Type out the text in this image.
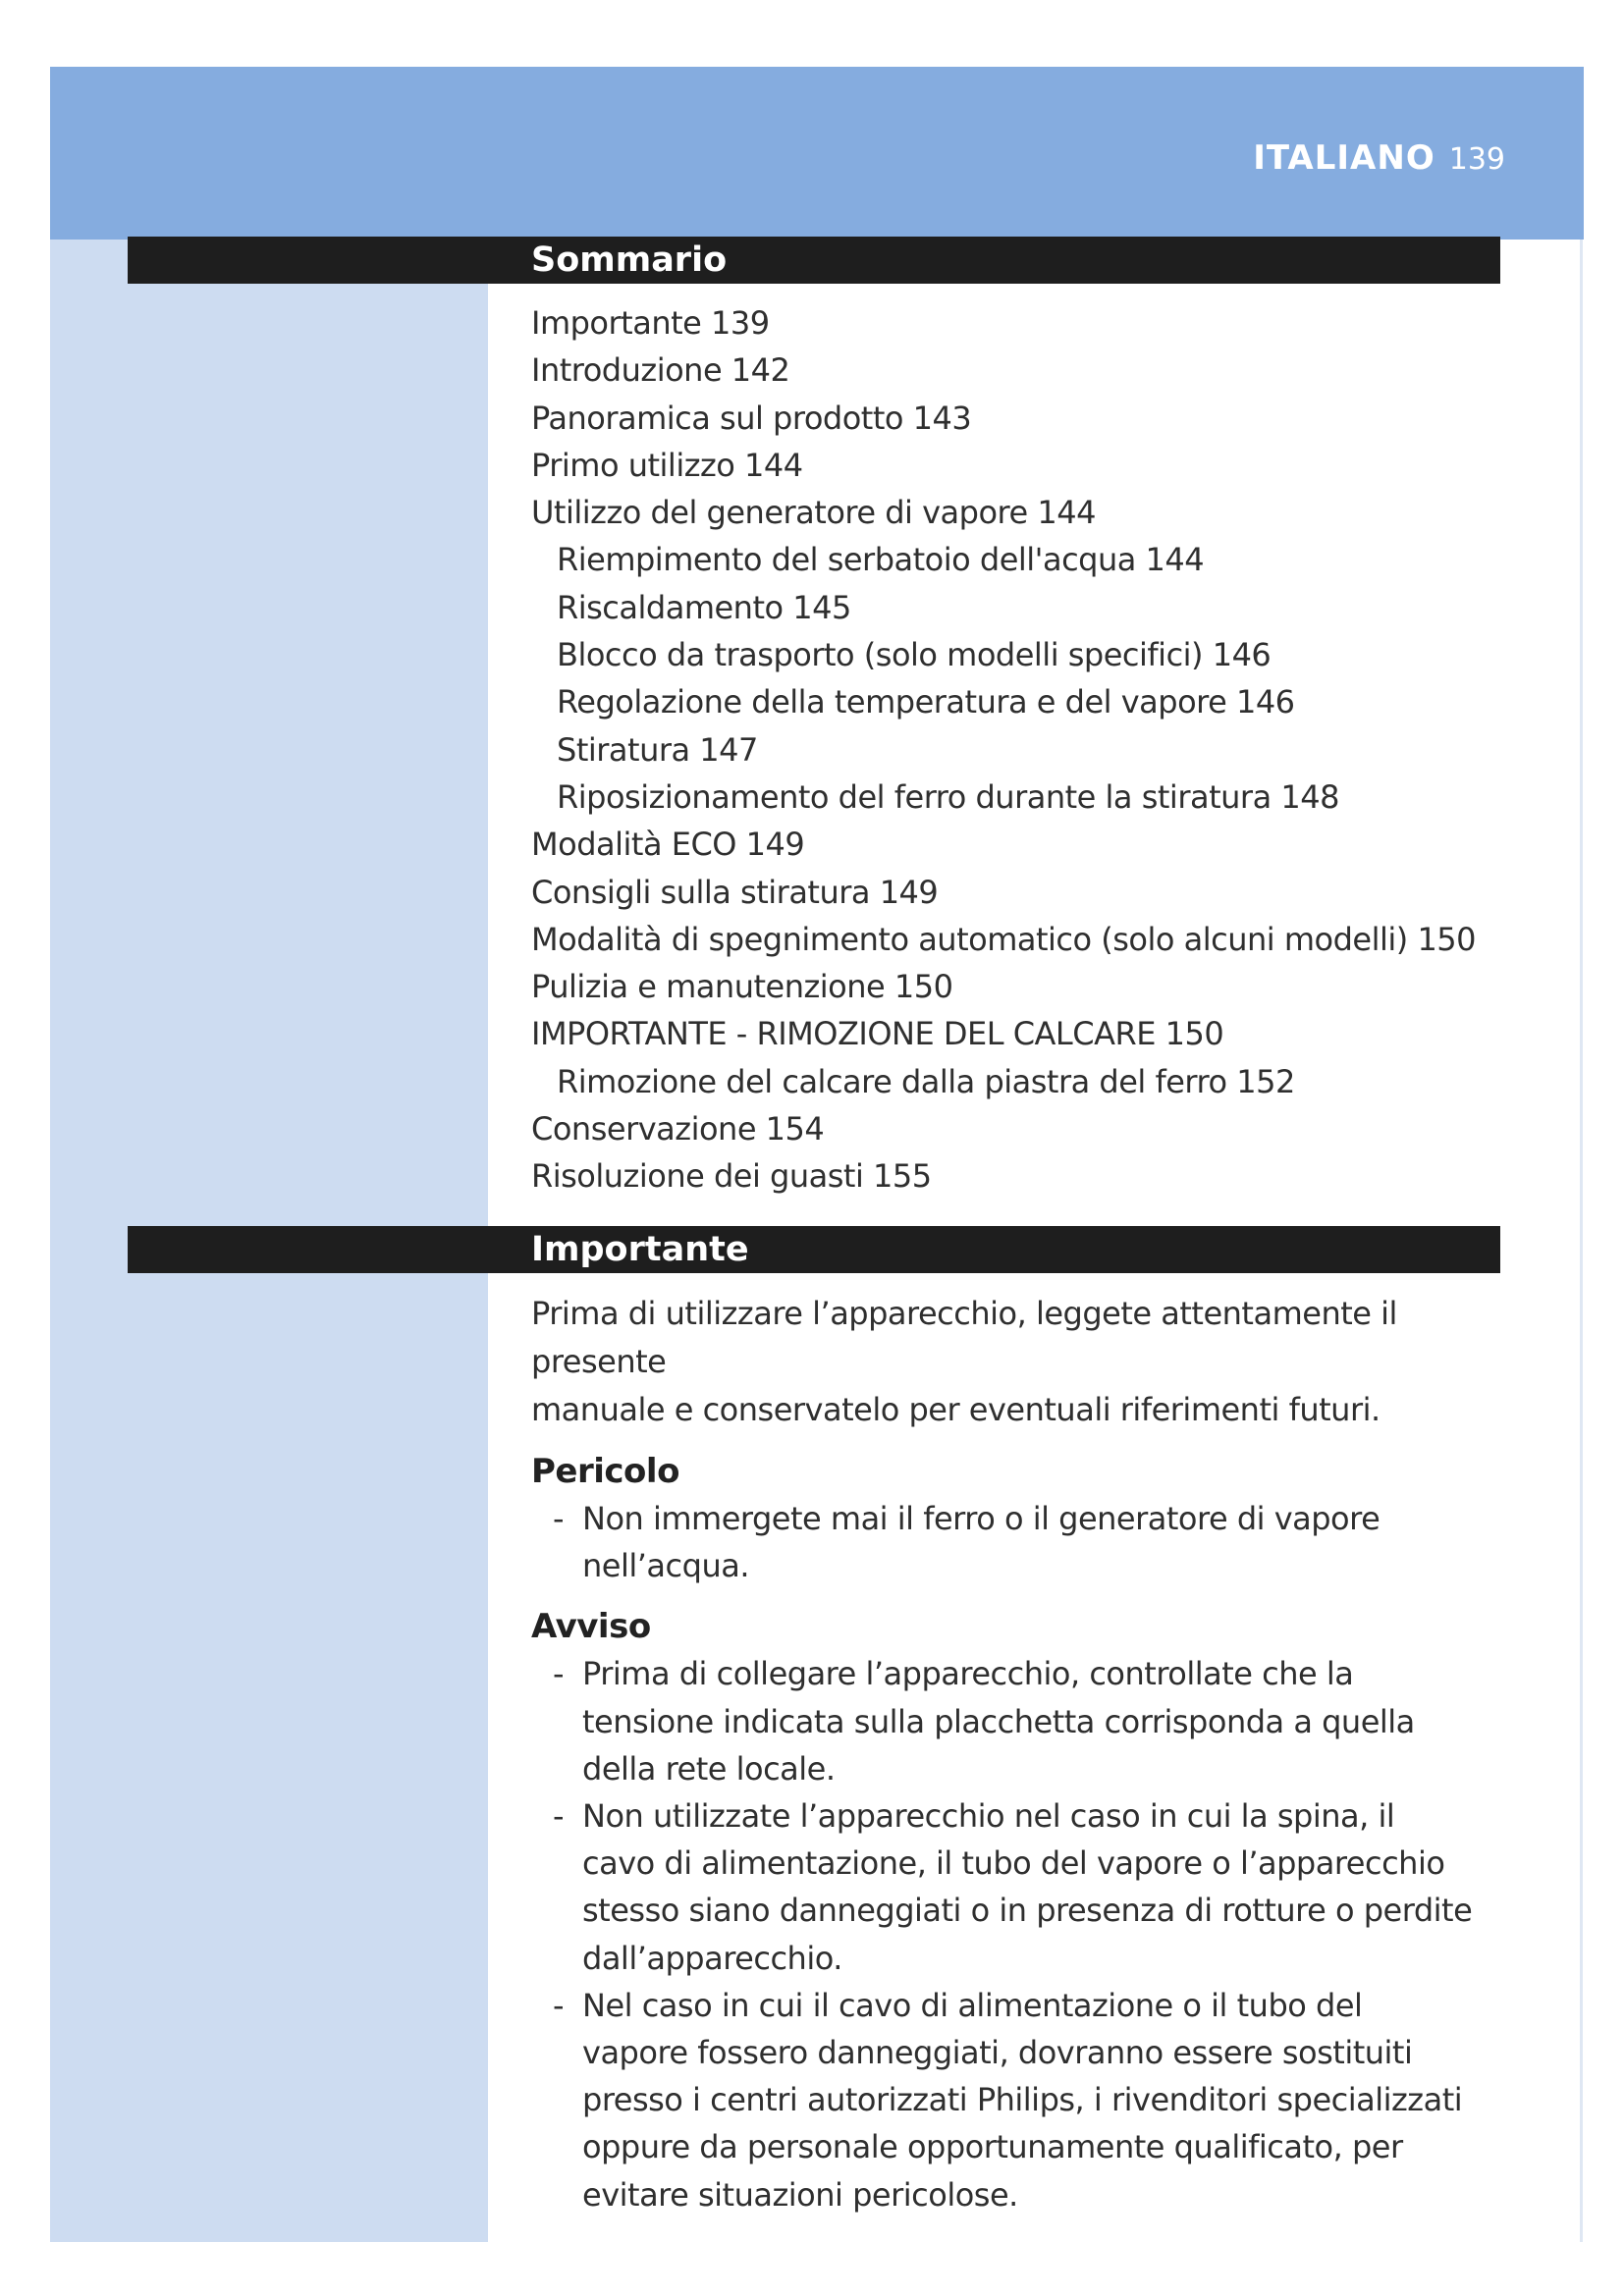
ITALIANO 139
Sommario
Importante 139
Introduzione 142
Panoramica sul prodotto 143
Primo utilizzo 144
Utilizzo del generatore di vapore 144
Riempimento del serbatoio dell'acqua 144
Riscaldamento 145
Blocco da trasporto (solo modelli specifici) 146
Regolazione della temperatura e del vapore 146
Stiratura 147
Riposizionamento del ferro durante la stiratura 148
Modalità ECO 149
Consigli sulla stiratura 149
Modalità di spegnimento automatico (solo alcuni modelli) 150
Pulizia e manutenzione 150
IMPORTANTE - RIMOZIONE DEL CALCARE 150
Rimozione del calcare dalla piastra del ferro 152
Conservazione 154
Risoluzione dei guasti 155
Importante

Prima di utilizzare l’apparecchio, leggete attentamente il presente
manuale e conservatelo per eventuali riferimenti futuri.

Pericolo
- Non immergete mai il ferro o il generatore di vapore
nell’acqua.
Avviso
- Prima di collegare l’apparecchio, controllate che la
tensione indicata sulla placchetta corrisponda a quella
della rete locale.
- Non utilizzate l’apparecchio nel caso in cui la spina, il
cavo di alimentazione, il tubo del vapore o l’apparecchio
stesso siano danneggiati o in presenza di rotture o perdite
dall’apparecchio.
- Nel caso in cui il cavo di alimentazione o il tubo del
vapore fossero danneggiati, dovranno essere sostituiti
presso i centri autorizzati Philips, i rivenditori specializzati
oppure da personale opportunamente qualificato, per
evitare situazioni pericolose.
